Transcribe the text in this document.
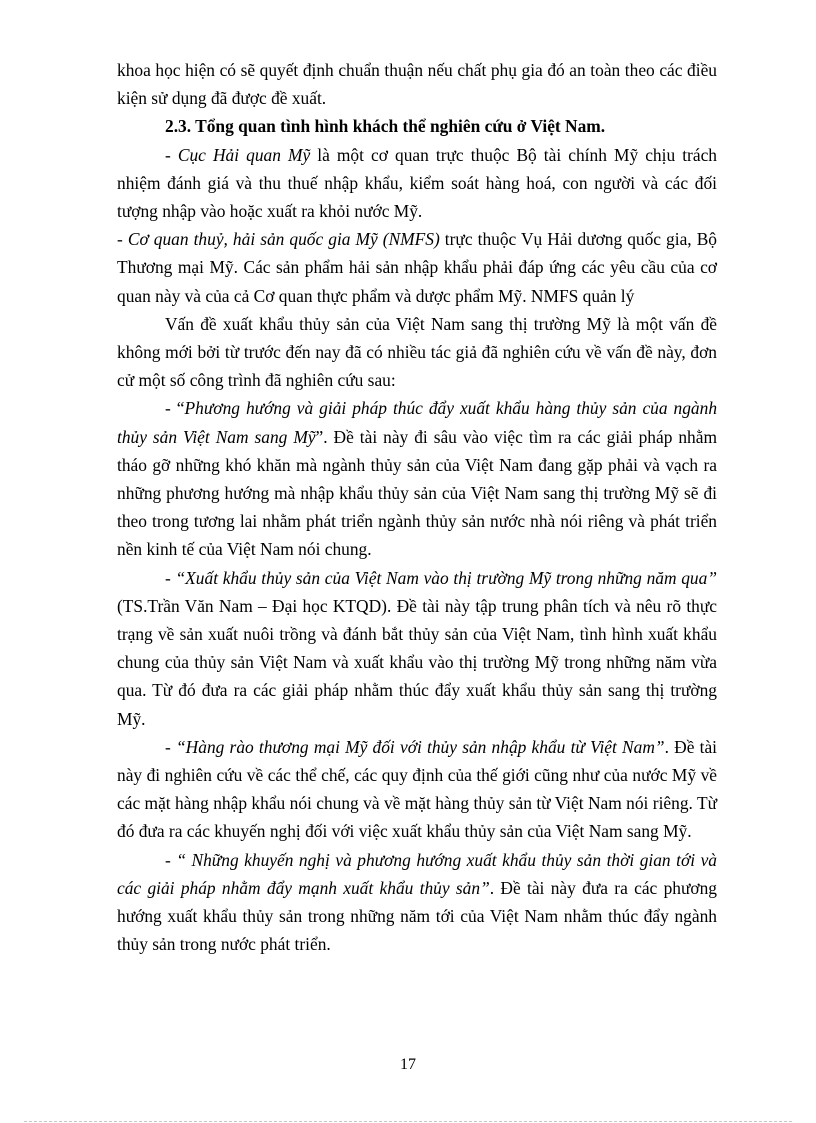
khoa học hiện có sẽ quyết định chuẩn thuận nếu chất phụ gia đó an toàn theo các điều kiện sử dụng đã được đề xuất.

2.3. Tổng quan tình hình khách thể nghiên cứu ở Việt Nam.

- Cục Hải quan Mỹ là một cơ quan trực thuộc Bộ tài chính Mỹ chịu trách nhiệm đánh giá và thu thuế nhập khẩu, kiểm soát hàng hoá, con người và các đối tượng nhập vào hoặc xuất ra khỏi nước Mỹ.

- Cơ quan thuỷ, hải sản quốc gia Mỹ (NMFS) trực thuộc Vụ Hải dương quốc gia, Bộ Thương mại Mỹ. Các sản phẩm hải sản nhập khẩu phải đáp ứng các yêu cầu của cơ quan này và của cả Cơ quan thực phẩm và dược phẩm Mỹ. NMFS quản lý

Vấn đề xuất khẩu thủy sản của Việt Nam sang thị trường Mỹ là một vấn đề không mới bởi từ trước đến nay đã có nhiều tác giả đã nghiên cứu về vấn đề này, đơn cử một số công trình đã nghiên cứu sau:

- “Phương hướng và giải pháp thúc đẩy xuất khẩu hàng thủy sản của ngành thủy sản Việt Nam sang Mỹ”. Đề tài này đi sâu vào việc tìm ra các giải pháp nhằm tháo gỡ những khó khăn mà ngành thủy sản của Việt Nam đang gặp phải và vạch ra những phương hướng mà nhập khẩu thủy sản của Việt Nam sang thị trường Mỹ sẽ đi theo trong tương lai nhằm phát triển ngành thủy sản nước nhà nói riêng và phát triển nền kinh tế của Việt Nam nói chung.

- “Xuất khẩu thủy sản của Việt Nam vào thị trường Mỹ trong những năm qua” (TS.Trần Văn Nam – Đại học KTQD). Đề tài này tập trung phân tích và nêu rõ thực trạng về sản xuất nuôi trồng và đánh bắt thủy sản của Việt Nam, tình hình xuất khẩu chung của thủy sản Việt Nam và xuất khẩu vào thị trường Mỹ trong những năm vừa qua. Từ đó đưa ra các giải pháp nhằm thúc đẩy xuất khẩu thủy sản sang thị trường Mỹ.

- “Hàng rào thương mại Mỹ đối với thủy sản nhập khẩu từ Việt Nam”. Đề tài này đi nghiên cứu về các thể chế, các quy định của thế giới cũng như của nước Mỹ về các mặt hàng nhập khẩu nói chung và về mặt hàng thủy sản từ Việt Nam nói riêng. Từ đó đưa ra các khuyến nghị đối với việc xuất khẩu thủy sản của Việt Nam sang Mỹ.

- “ Những khuyến nghị và phương hướng xuất khẩu thủy sản thời gian tới và các giải pháp nhằm đẩy mạnh xuất khẩu thủy sản”. Đề tài này đưa ra các phương hướng xuất khẩu thủy sản trong những năm tới của Việt Nam nhằm thúc đẩy ngành thủy sản trong nước phát triển.

17
